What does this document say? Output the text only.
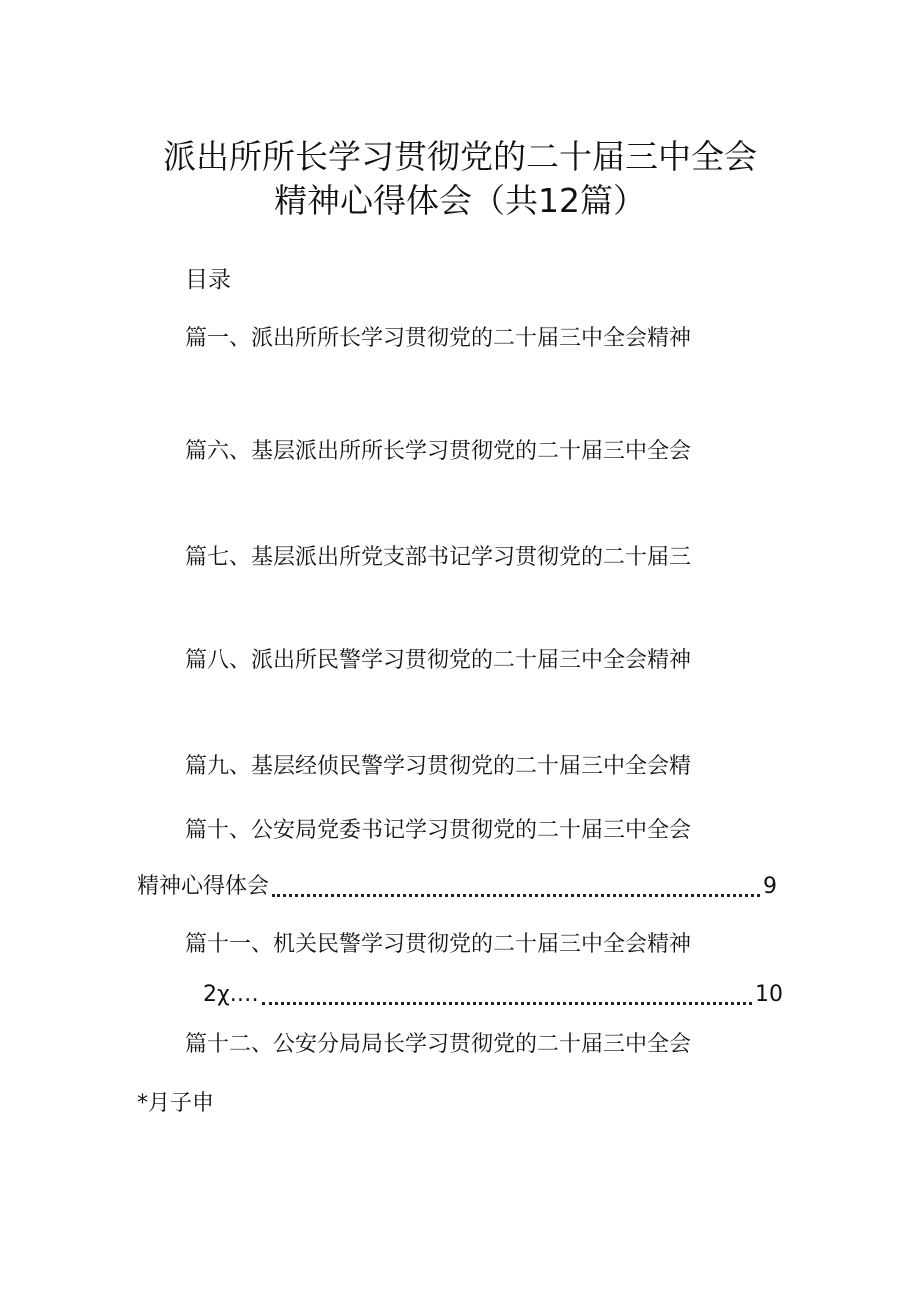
派出所所长学习贯彻党的二十届三中全会
精神心得体会（共12篇）
目录
篇一、派出所所长学习贯彻党的二十届三中全会精神
篇六、基层派出所所长学习贯彻党的二十届三中全会
篇七、基层派出所党支部书记学习贯彻党的二十届三
篇八、派出所民警学习贯彻党的二十届三中全会精神
篇九、基层经侦民警学习贯彻党的二十届三中全会精
篇十、公安局党委书记学习贯彻党的二十届三中全会
精神心得体会	9
篇十一、机关民警学习贯彻党的二十届三中全会精神
2χ.…	10
篇十二、公安分局局长学习贯彻党的二十届三中全会
*月子申
